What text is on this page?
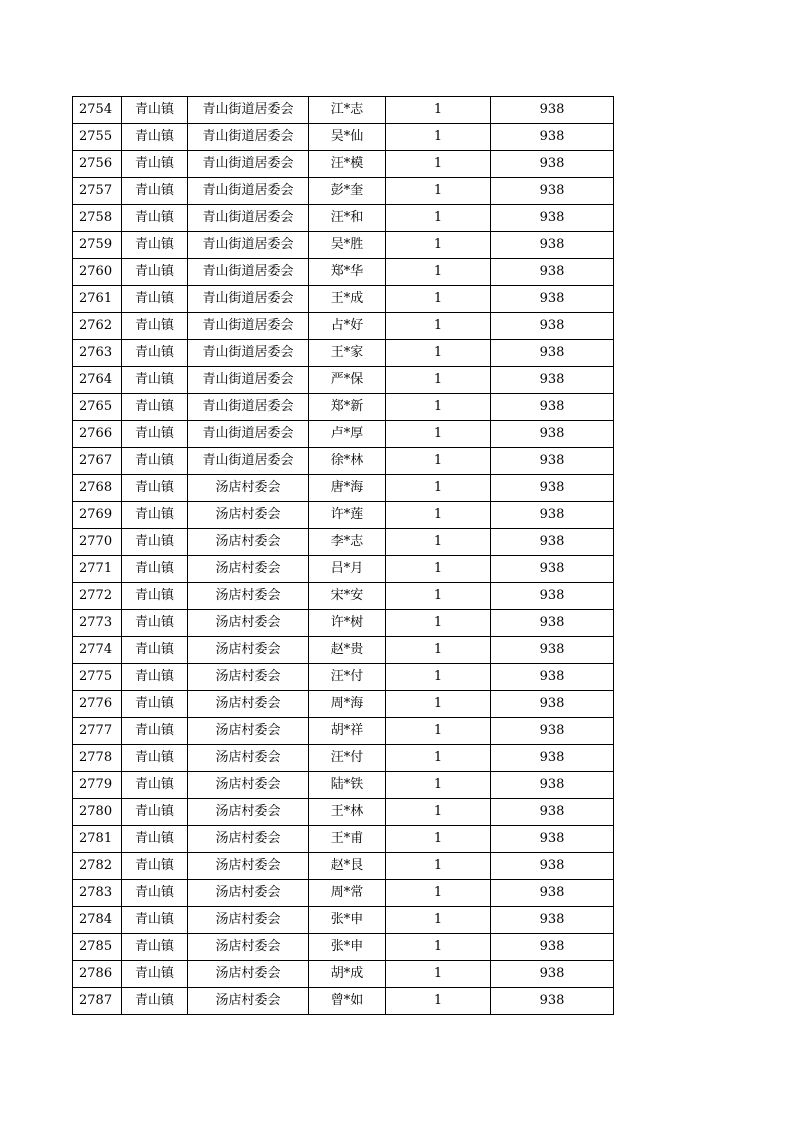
2754	青山镇	青山街道居委会	江*志	1	938
2755	青山镇	青山街道居委会	吴*仙	1	938
2756	青山镇	青山街道居委会	汪*模	1	938
2757	青山镇	青山街道居委会	彭*奎	1	938
2758	青山镇	青山街道居委会	汪*和	1	938
2759	青山镇	青山街道居委会	吴*胜	1	938
2760	青山镇	青山街道居委会	郑*华	1	938
2761	青山镇	青山街道居委会	王*成	1	938
2762	青山镇	青山街道居委会	占*好	1	938
2763	青山镇	青山街道居委会	王*家	1	938
2764	青山镇	青山街道居委会	严*保	1	938
2765	青山镇	青山街道居委会	郑*新	1	938
2766	青山镇	青山街道居委会	卢*厚	1	938
2767	青山镇	青山街道居委会	徐*林	1	938
2768	青山镇	汤店村委会	唐*海	1	938
2769	青山镇	汤店村委会	许*莲	1	938
2770	青山镇	汤店村委会	李*志	1	938
2771	青山镇	汤店村委会	吕*月	1	938
2772	青山镇	汤店村委会	宋*安	1	938
2773	青山镇	汤店村委会	许*树	1	938
2774	青山镇	汤店村委会	赵*贵	1	938
2775	青山镇	汤店村委会	汪*付	1	938
2776	青山镇	汤店村委会	周*海	1	938
2777	青山镇	汤店村委会	胡*祥	1	938
2778	青山镇	汤店村委会	汪*付	1	938
2779	青山镇	汤店村委会	陆*铁	1	938
2780	青山镇	汤店村委会	王*林	1	938
2781	青山镇	汤店村委会	王*甫	1	938
2782	青山镇	汤店村委会	赵*艮	1	938
2783	青山镇	汤店村委会	周*常	1	938
2784	青山镇	汤店村委会	张*申	1	938
2785	青山镇	汤店村委会	张*申	1	938
2786	青山镇	汤店村委会	胡*成	1	938
2787	青山镇	汤店村委会	曾*如	1	938
